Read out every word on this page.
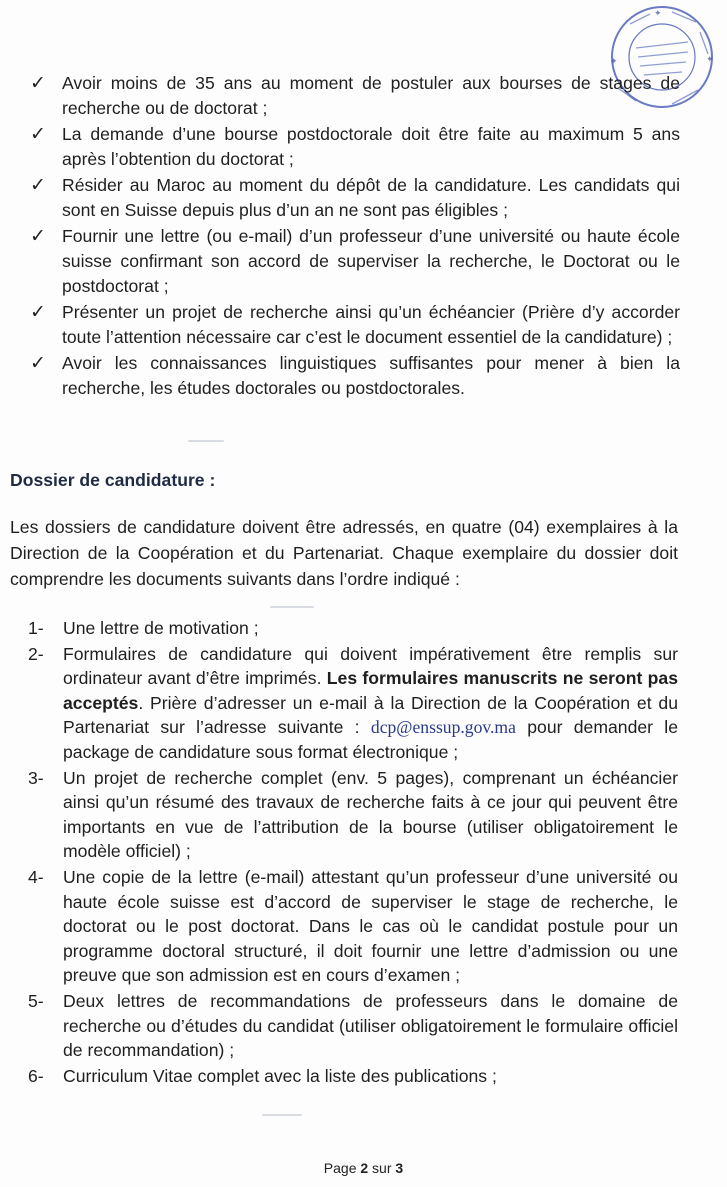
✦
✦
✦
✓ Avoir moins de 35 ans au moment de postuler aux bourses de stages de recherche ou de doctorat ;
✓ La demande d’une bourse postdoctorale doit être faite au maximum 5 ans après l’obtention du doctorat ;
✓ Résider au Maroc au moment du dépôt de la candidature. Les candidats qui sont en Suisse depuis plus d’un an ne sont pas éligibles ;
✓ Fournir une lettre (ou e-mail) d’un professeur d’une université ou haute école suisse confirmant son accord de superviser la recherche, le Doctorat ou le postdoctorat ;
✓ Présenter un projet de recherche ainsi qu’un échéancier (Prière d’y accorder toute l’attention nécessaire car c’est le document essentiel de la candidature) ;
✓ Avoir les connaissances linguistiques suffisantes pour mener à bien la recherche, les études doctorales ou postdoctorales.
Dossier de candidature :

Les dossiers de candidature doivent être adressés, en quatre (04) exemplaires à la Direction de la Coopération et du Partenariat. Chaque exemplaire du dossier doit comprendre les documents suivants dans l’ordre indiqué :

1-	Une lettre de motivation ;
2-	Formulaires de candidature qui doivent impérativement être remplis sur ordinateur avant d’être imprimés. Les formulaires manuscrits ne seront pas acceptés. Prière d’adresser un e-mail à la Direction de la Coopération et du Partenariat sur l’adresse suivante : dcp@enssup.gov.ma pour demander le package de candidature sous format électronique ;
3-	Un projet de recherche complet (env. 5 pages), comprenant un échéancier ainsi qu’un résumé des travaux de recherche faits à ce jour qui peuvent être importants en vue de l’attribution de la bourse (utiliser obligatoirement le modèle officiel) ;
4-	Une copie de la lettre (e-mail) attestant qu’un professeur d’une université ou haute école suisse est d’accord de superviser le stage de recherche, le doctorat ou le post doctorat. Dans le cas où le candidat postule pour un programme doctoral structuré, il doit fournir une lettre d’admission ou une preuve que son admission est en cours d’examen ;
5-	Deux lettres de recommandations de professeurs dans le domaine de recherche ou d’études du candidat (utiliser obligatoirement le formulaire officiel de recommandation) ;
6-	Curriculum Vitae complet avec la liste des publications ;
Page 2 sur 3
